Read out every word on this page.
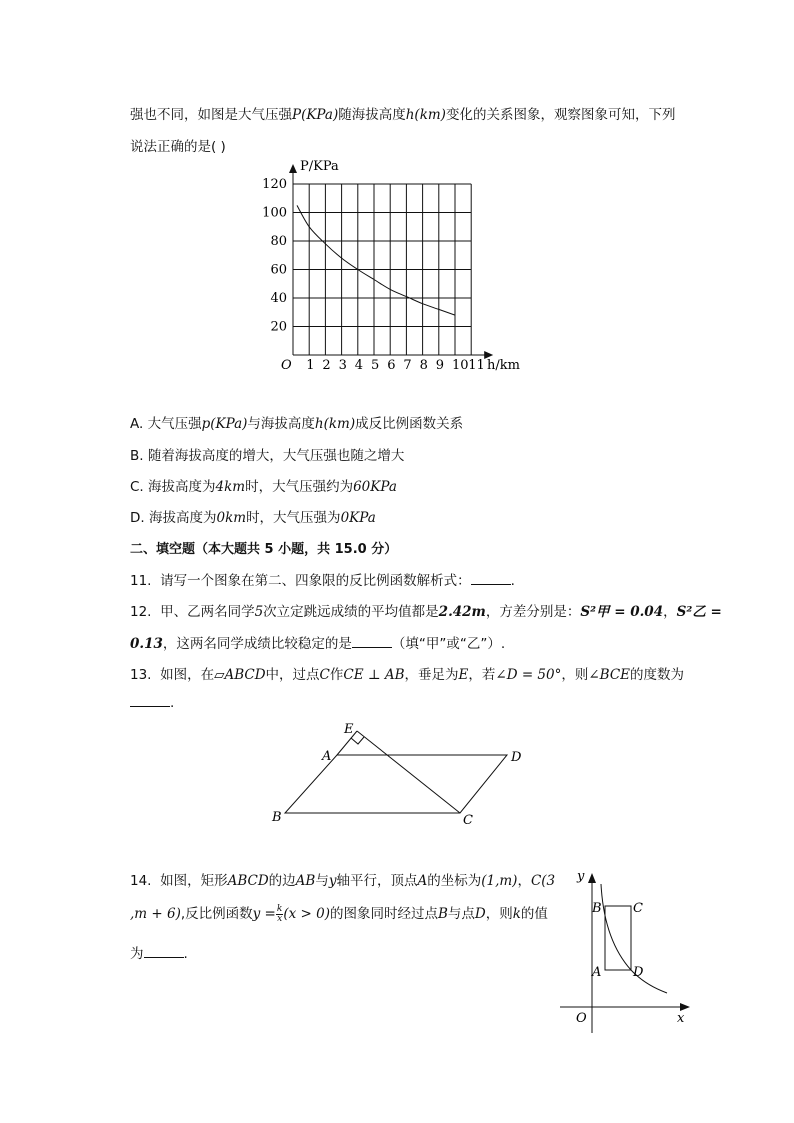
强也不同，如图是大气压强P(KPa)随海拔高度h(km)变化的关系图象，观察图象可知，下列
说法正确的是( )
1 2 3 4 5 6 7 8 9 10 11
20
40
60
80
100
120
P/KPa
h/km
O
A. 大气压强p(KPa)与海拔高度h(km)成反比例函数关系
B. 随着海拔高度的增大，大气压强也随之增大
C. 海拔高度为4km时，大气压强约为60KPa
D. 海拔高度为0km时，大气压强为0KPa
二、填空题（本大题共 5 小题，共 15.0 分）
11. 请写一个图象在第二、四象限的反比例函数解析式：	.
12. 甲、乙两名同学5次立定跳远成绩的平均值都是2.42m，方差分别是：S²甲 = 0.04，S²乙 =
0.13，这两名同学成绩比较稳定的是	（填“甲”或“乙”）.
13. 如图，在▱ABCD中，过点C作CE ⊥ AB，垂足为E，若∠D = 50°，则∠BCE的度数为
.
E
A	D
B	C
14. 如图，矩形ABCD的边AB与y轴平行，顶点A的坐标为(1,m)，C(3
,m + 6),反比例函数$y = \frac{k}{x} (x > 0)$的图象同时经过点B与点D，则k的值
为	.
y
x
O
B C
A D
